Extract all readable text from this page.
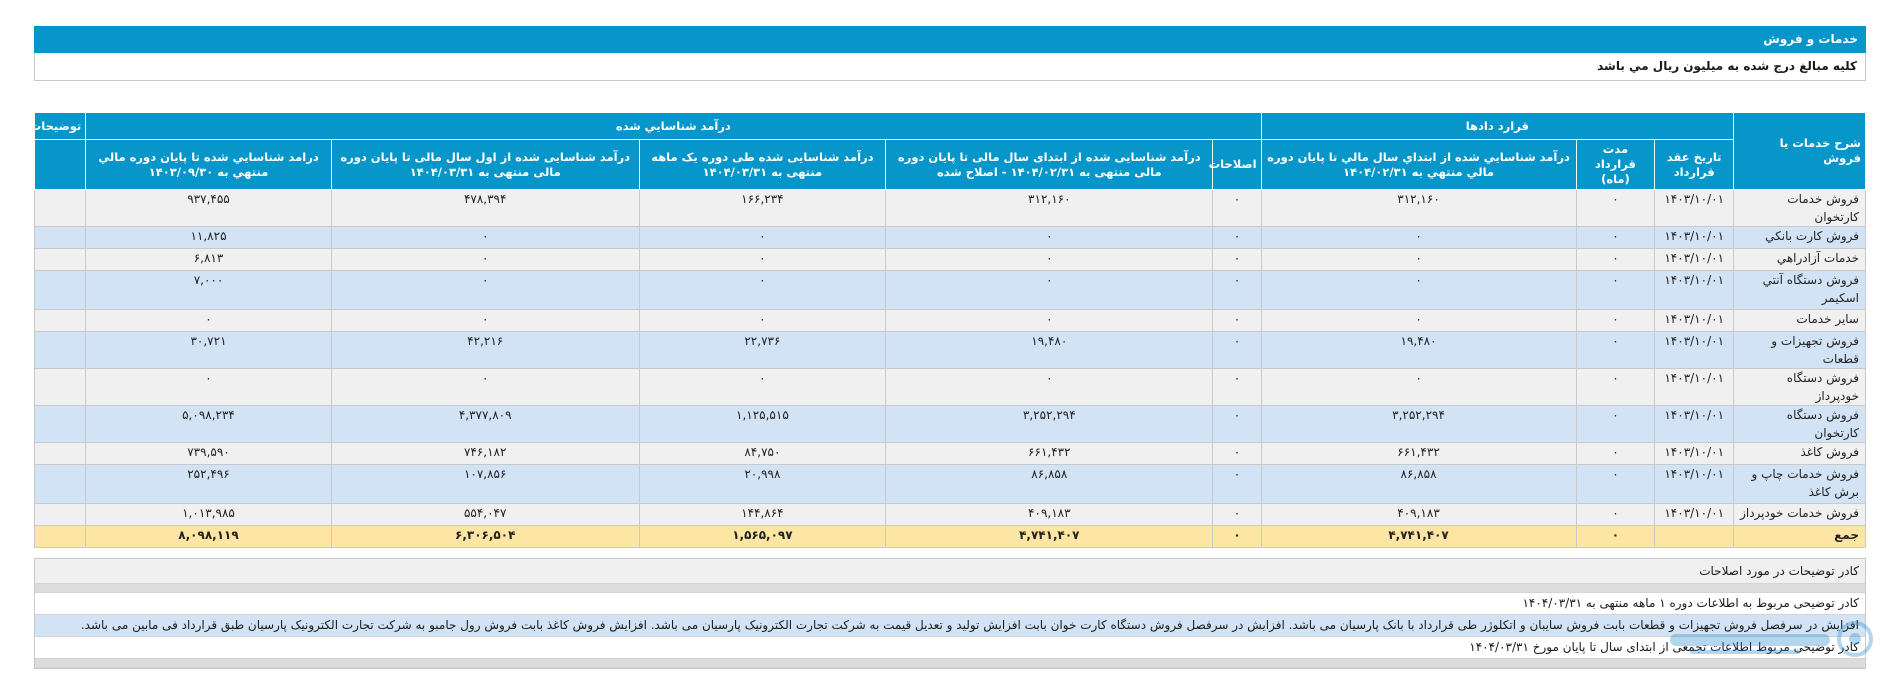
خدمات و فروش
کليه مبالغ درج شده به ميليون ريال مي باشد
شرح خدمات يا فروش	قرارد دادها			درآمد شناسايي شده					توضيحات
	تاريخ عقد قرارداد	مدت قرارداد (ماه)	درآمد شناسايي شده از ابتداي سال مالي تا پايان دوره مالي منتهي به ۱۴۰۴/۰۲/۳۱	اصلاحات	درآمد شناسایی شده از ابتدای سال مالی تا پایان دوره مالی منتهی به ۱۴۰۴/۰۲/۳۱ - اصلاح شده	درآمد شناسایی شده طی دوره یک ماهه منتهی به ۱۴۰۴/۰۳/۳۱	درآمد شناسایی شده از اول سال مالی تا پایان دوره مالی منتهی به ۱۴۰۴/۰۳/۳۱	درامد شناسايي شده تا پايان دوره مالي منتهي به ۱۴۰۳/۰۹/۳۰	
فروش خدمات كارتخوان	۱۴۰۳/۱۰/۰۱	۰	۳۱۲,۱۶۰	۰	۳۱۲,۱۶۰	۱۶۶,۲۳۴	۴۷۸,۳۹۴	۹۳۷,۴۵۵	
فروش كارت بانكي	۱۴۰۳/۱۰/۰۱	۰	۰	۰	۰	۰	۰	۱۱,۸۲۵	
خدمات آزادراهي	۱۴۰۳/۱۰/۰۱	۰	۰	۰	۰	۰	۰	۶,۸۱۳	
فروش دستگاه آنتي اسكيمر	۱۴۰۳/۱۰/۰۱	۰	۰	۰	۰	۰	۰	۷,۰۰۰	
ساير خدمات	۱۴۰۳/۱۰/۰۱	۰	۰	۰	۰	۰	۰	۰	
فروش تجهيزات و قطعات	۱۴۰۳/۱۰/۰۱	۰	۱۹,۴۸۰	۰	۱۹,۴۸۰	۲۲,۷۳۶	۴۲,۲۱۶	۳۰,۷۲۱	
فروش دستگاه خودپرداز	۱۴۰۳/۱۰/۰۱	۰	۰	۰	۰	۰	۰	۰	
فروش دستگاه كارتخوان	۱۴۰۳/۱۰/۰۱	۰	۳,۲۵۲,۲۹۴	۰	۳,۲۵۲,۲۹۴	۱,۱۲۵,۵۱۵	۴,۳۷۷,۸۰۹	۵,۰۹۸,۲۳۴	
فروش كاغذ	۱۴۰۳/۱۰/۰۱	۰	۶۶۱,۴۳۲	۰	۶۶۱,۴۳۲	۸۴,۷۵۰	۷۴۶,۱۸۲	۷۳۹,۵۹۰	
فروش خدمات چاپ و برش كاغذ	۱۴۰۳/۱۰/۰۱	۰	۸۶,۸۵۸	۰	۸۶,۸۵۸	۲۰,۹۹۸	۱۰۷,۸۵۶	۲۵۲,۴۹۶	
فروش خدمات خودپرداز	۱۴۰۳/۱۰/۰۱	۰	۴۰۹,۱۸۳	۰	۴۰۹,۱۸۳	۱۴۴,۸۶۴	۵۵۴,۰۴۷	۱,۰۱۳,۹۸۵	
جمع		۰	۴,۷۴۱,۴۰۷	۰	۴,۷۴۱,۴۰۷	۱,۵۶۵,۰۹۷	۶,۳۰۶,۵۰۴	۸,۰۹۸,۱۱۹	
کادر توضیحات در مورد اصلاحات
کادر توضیحی مربوط به اطلاعات دوره ۱ ماهه منتهی به ۱۴۰۴/۰۳/۳۱
افزایش در سرفصل فروش تجهیزات و قطعات بابت فروش سایبان و اتکلوژر طی قرارداد با بانک پارسیان می باشد. افزایش در سرفصل فروش دستگاه کارت خوان بابت افزایش تولید و تعدیل قیمت به شرکت تجارت الکترونیک پارسیان می باشد. افزایش فروش کاغذ بابت فروش رول جامبو به شرکت تجارت الکترونیک پارسیان طبق قرارداد فی مابین می باشد.
کادر توضیحی مربوط اطلاعات تجمعی از ابتدای سال تا پایان مورخ ۱۴۰۴/۰۳/۳۱
